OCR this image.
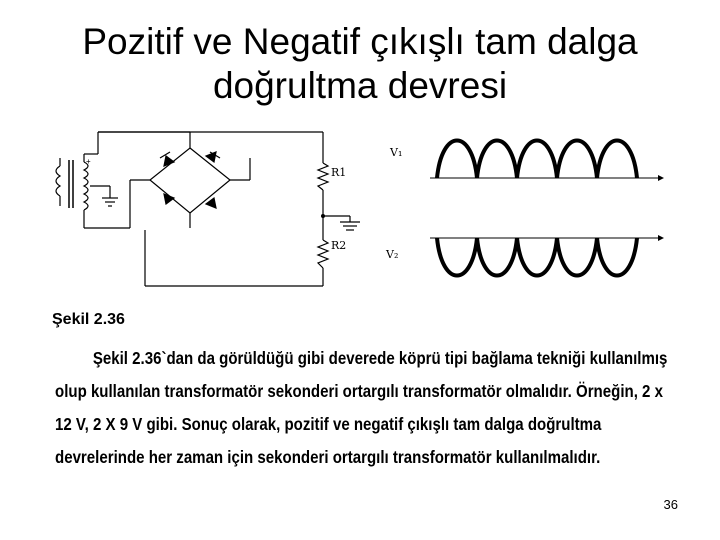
Pozitif ve Negatif çıkışlı tam dalga
doğrultma devresi
+
R1
R2
V₁
V₂
Şekil 2.36
Şekil 2.36`dan da görüldüğü gibi deverede köprü tipi bağlama tekniği kullanılmış olup kullanılan transformatör sekonderi ortargılı transformatör olmalıdır. Örneğin, 2 x 12 V, 2 X 9 V gibi. Sonuç olarak, pozitif ve negatif çıkışlı tam dalga doğrultma devrelerinde her zaman için sekonderi ortargılı transformatör kullanılmalıdır.
36
